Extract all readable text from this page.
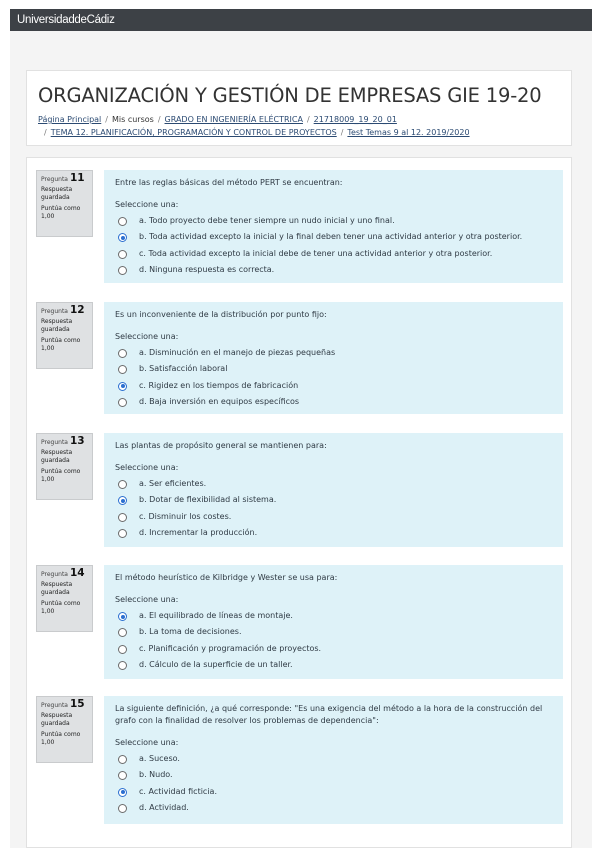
UniversidaddeCádiz
ORGANIZACIÓN Y GESTIÓN DE EMPRESAS GIE 19-20
Página Principal / Mis cursos / GRADO EN INGENIERÍA ELÉCTRICA / 21718009_19_20_01
/ TEMA 12. PLANIFICACIÓN, PROGRAMACIÓN Y CONTROL DE PROYECTOS / Test Temas 9 al 12. 2019/2020
Pregunta 11
Respuesta guardada
Puntúa como 1,00
Entre las reglas básicas del método PERT se encuentran:
Seleccione una:
a. Todo proyecto debe tener siempre un nudo inicial y uno final.
b. Toda actividad excepto la inicial y la final deben tener una actividad anterior y otra posterior.
c. Toda actividad excepto la inicial debe de tener una actividad anterior y otra posterior.
d. Ninguna respuesta es correcta.
Pregunta 12
Respuesta guardada
Puntúa como 1,00
Es un inconveniente de la distribución por punto fijo:
Seleccione una:
a. Disminución en el manejo de piezas pequeñas
b. Satisfacción laboral
c. Rigidez en los tiempos de fabricación
d. Baja inversión en equipos específicos
Pregunta 13
Respuesta guardada
Puntúa como 1,00
Las plantas de propósito general se mantienen para:
Seleccione una:
a. Ser eficientes.
b. Dotar de flexibilidad al sistema.
c. Disminuir los costes.
d. Incrementar la producción.
Pregunta 14
Respuesta guardada
Puntúa como 1,00
El método heurístico de Kilbridge y Wester se usa para:
Seleccione una:
a. El equilibrado de líneas de montaje.
b. La toma de decisiones.
c. Planificación y programación de proyectos.
d. Cálculo de la superficie de un taller.
Pregunta 15
Respuesta guardada
Puntúa como 1,00
La siguiente definición, ¿a qué corresponde: "Es una exigencia del método a la hora de la construcción del grafo con la finalidad de resolver los problemas de dependencia":
Seleccione una:
a. Suceso.
b. Nudo.
c. Actividad ficticia.
d. Actividad.
